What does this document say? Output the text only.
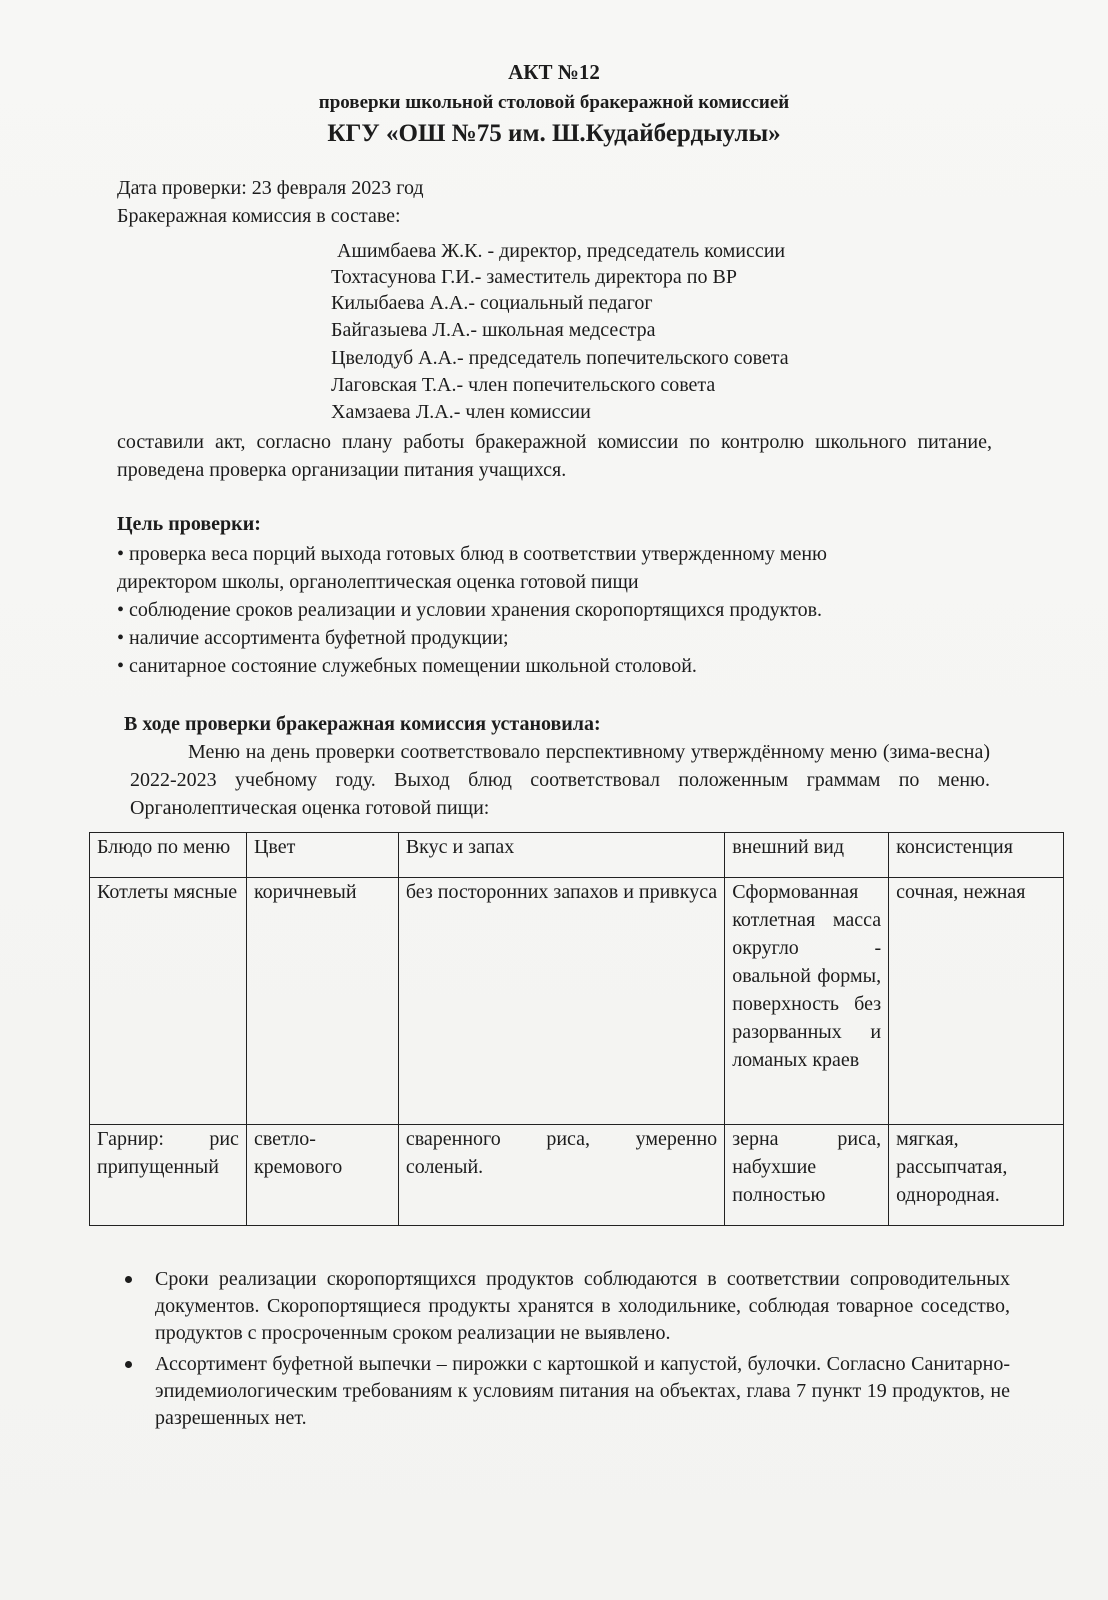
АКТ №12
проверки школьной столовой бракеражной комиссией
КГУ «ОШ №75 им. Ш.Кудайбердыулы»
Дата проверки: 23 февраля 2023 год
Бракеражная комиссия в составе:
Ашимбаева Ж.К. - директор, председатель комиссии
Тохтасунова Г.И.- заместитель директора по ВР
Килыбаева А.А.- социальный педагог
Байгазыева Л.А.- школьная медсестра
Цвелодуб А.А.- председатель попечительского совета
Лаговская Т.А.- член попечительского совета
Хамзаева Л.А.- член комиссии
составили акт, согласно плану работы бракеражной комиссии по контролю школьного питание, проведена проверка организации питания учащихся.
Цель проверки:
• проверка веса порций выхода готовых блюд в соответствии утвержденному меню
директором школы, органолептическая оценка готовой пищи
• соблюдение сроков реализации и условии хранения скоропортящихся продуктов.
• наличие ассортимента буфетной продукции;
• санитарное состояние служебных помещении школьной столовой.
В ходе проверки бракеражная комиссия установила:
Меню на день проверки соответствовало перспективному утверждённому меню (зима-весна) 2022-2023 учебному году. Выход блюд соответствовал положенным граммам по меню. Органолептическая оценка готовой пищи:
Блюдо по меню	Цвет	Вкус и запах	внешний вид	консистенция
Котлеты мясные	коричневый	без посторонних запахов и привкуса	Сформованная котлетная масса округло - овальной формы, поверхность без разорванных и ломаных краев	сочная, нежная
Гарнир: рис припущенный	светло-кремового	сваренного риса, умеренно соленый.	зерна риса, набухшие полностью	мягкая, рассыпчатая, однородная.
Сроки реализации скоропортящихся продуктов соблюдаются в соответствии сопроводительных документов. Скоропортящиеся продукты хранятся в холодильнике, соблюдая товарное соседство, продуктов с просроченным сроком реализации не выявлено.
Ассортимент буфетной выпечки – пирожки с картошкой и капустой, булочки. Согласно Санитарно- эпидемиологическим требованиям к условиям питания на объектах, глава 7 пункт 19 продуктов, не разрешенных нет.
